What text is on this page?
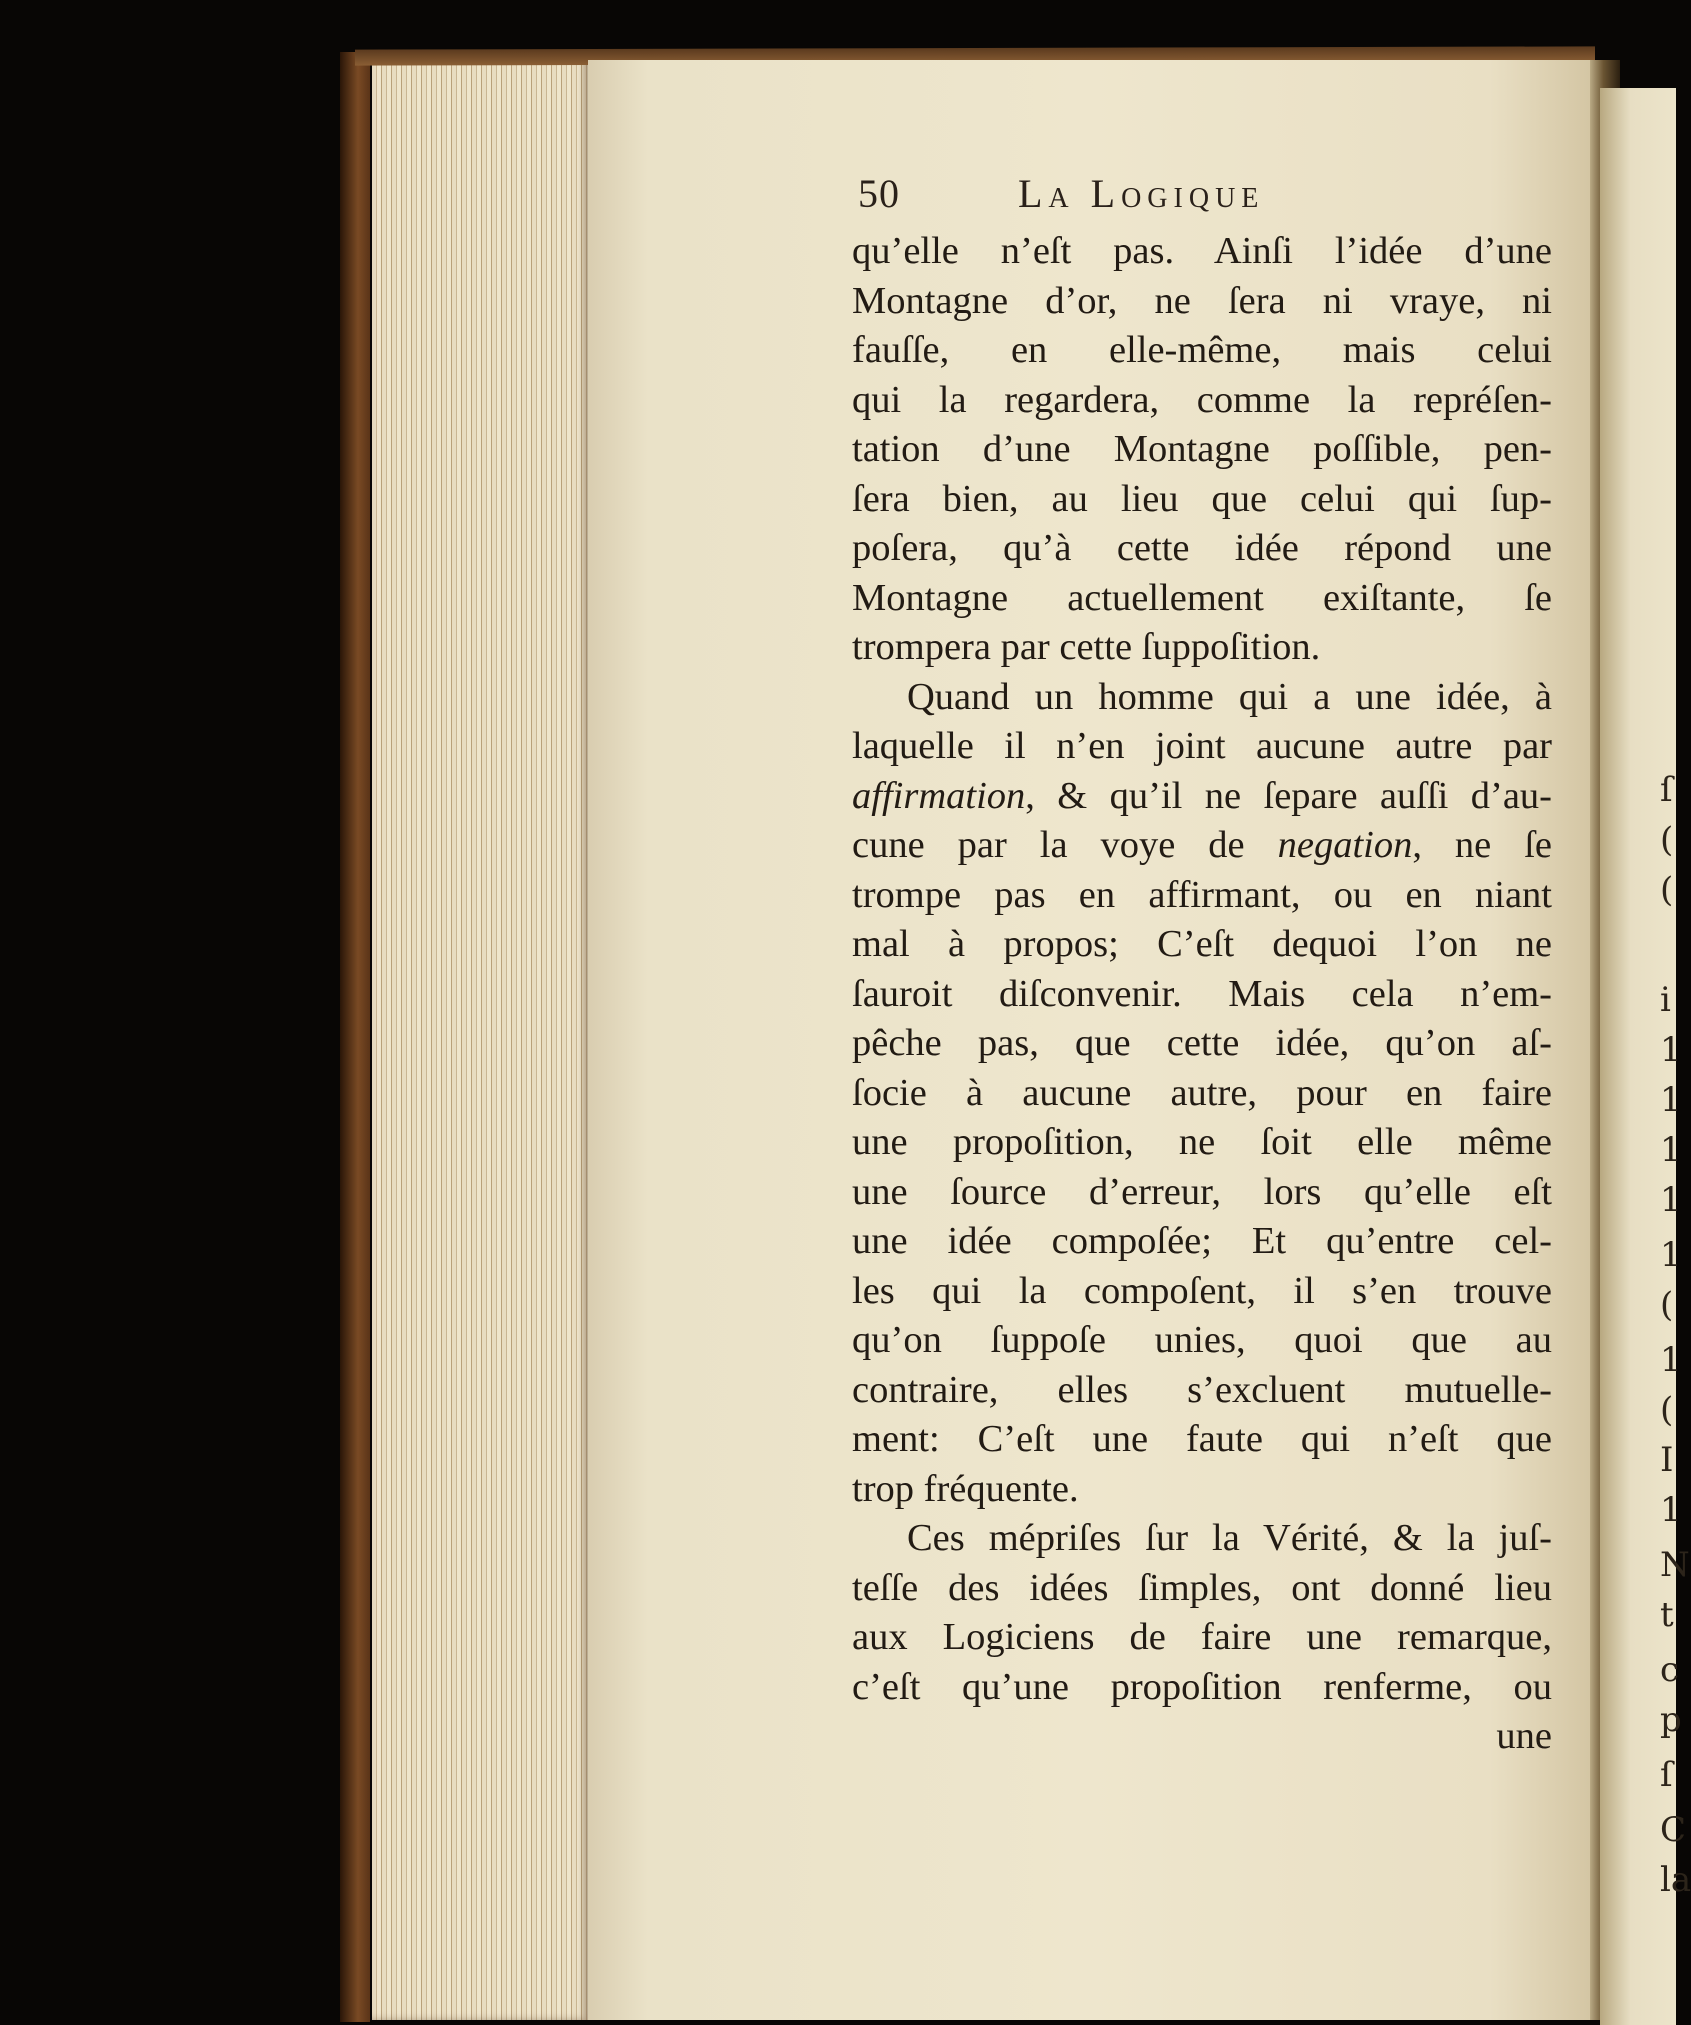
ſ
(
(
i
1
1
1
1
1
(
1
(
I
1
N
t
c
p
ſ
C
la
50	La Logique
qu’elle n’eſt pas. Ainſi l’idée d’une
Montagne d’or, ne ſera ni vraye, ni
fauſſe, en elle-même, mais celui
qui la regardera, comme la repréſen-
tation d’une Montagne poſſible, pen-
ſera bien, au lieu que celui qui ſup-
poſera, qu’à cette idée répond une
Montagne actuellement exiſtante, ſe
trompera par cette ſuppoſition.
Quand un homme qui a une idée, à
laquelle il n’en joint aucune autre par
affirmation, & qu’il ne ſepare auſſi d’au-
cune par la voye de negation, ne ſe
trompe pas en affirmant, ou en niant
mal à propos; C’eſt dequoi l’on ne
ſauroit diſconvenir. Mais cela n’em-
pêche pas, que cette idée, qu’on aſ-
ſocie à aucune autre, pour en faire
une propoſition, ne ſoit elle même
une ſource d’erreur, lors qu’elle eſt
une idée compoſée; Et qu’entre cel-
les qui la compoſent, il s’en trouve
qu’on ſuppoſe unies, quoi que au
contraire, elles s’excluent mutuelle-
ment: C’eſt une faute qui n’eſt que
trop fréquente.
Ces mépriſes ſur la Vérité, & la juſ-
teſſe des idées ſimples, ont donné lieu
aux Logiciens de faire une remarque,
c’eſt qu’une propoſition renferme, ou
une
